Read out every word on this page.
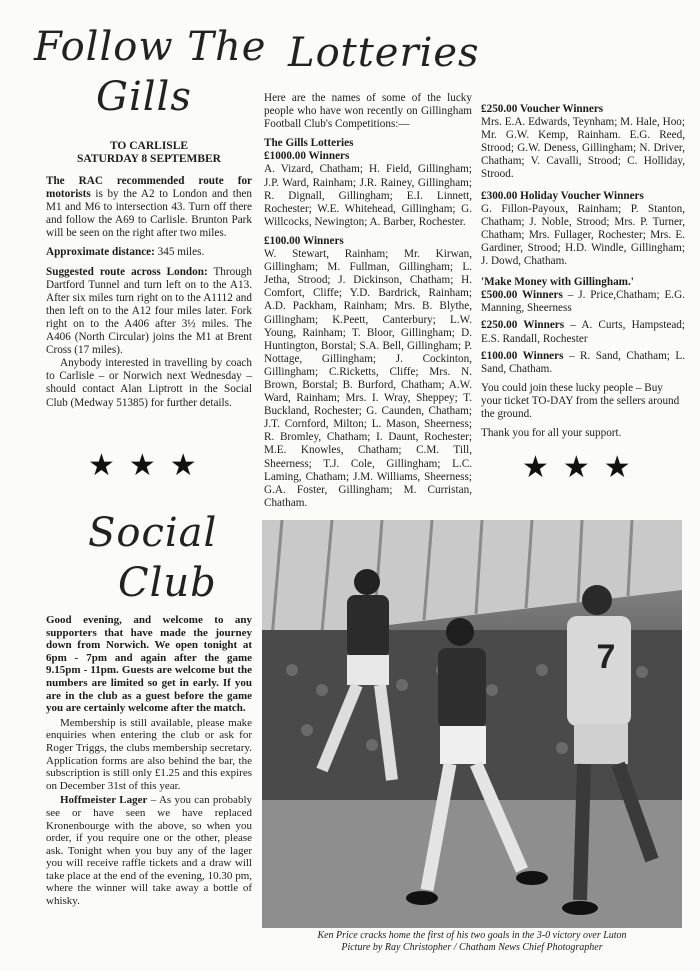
Follow The
Gills
TO CARLISLE
SATURDAY 8 SEPTEMBER

The RAC recommended route for motorists is by the A2 to London and then M1 and M6 to intersection 43. Turn off there and follow the A69 to Carlisle. Brunton Park will be seen on the right after two miles.

Approximate distance: 345 miles.

Suggested route across London: Through Dartford Tunnel and turn left on to the A13. After six miles turn right on to the A1112 and then left on to the A12 four miles later. Fork right on to the A406 after 3½ miles. The A406 (North Circular) joins the M1 at Brent Cross (17 miles).

Anybody interested in travelling by coach to Carlisle – or Norwich next Wednesday – should contact Alan Liptrott in the Social Club (Medway 51385) for further details.

★★★
Lotteries

Here are the names of some of the lucky people who have won recently on Gillingham Football Club's Competitions:—

The Gills Lotteries
£1000.00 Winners

A. Vizard, Chatham; H. Field, Gillingham; J.P. Ward, Rainham; J.R. Rainey, Gillingham; R. Dignall, Gillingham; E.I. Linnett, Rochester; W.E. Whitehead, Gillingham; G. Willcocks, Newington; A. Barber, Rochester.

£100.00 Winners

W. Stewart, Rainham; Mr. Kirwan, Gillingham; M. Fullman, Gillingham; L. Jetha, Strood; J. Dickinson, Chatham; H. Comfort, Cliffe; Y.D. Bardrick, Rainham; A.D. Packham, Rainham; Mrs. B. Blythe, Gillingham; K.Peett, Canterbury; L.W. Young, Rainham; T. Bloor, Gillingham; D. Huntington, Borstal; S.A. Bell, Gillingham; P. Nottage, Gillingham; J. Cockinton, Gillingham; C.Ricketts, Cliffe; Mrs. N. Brown, Borstal; B. Burford, Chatham; A.W. Ward, Rainham; Mrs. I. Wray, Sheppey; T. Buckland, Rochester; G. Caunden, Chatham; J.T. Cornford, Milton; L. Mason, Sheerness; R. Bromley, Chatham; I. Daunt, Rochester; M.E. Knowles, Chatham; C.M. Till, Sheerness; T.J. Cole, Gillingham; L.C. Laming, Chatham; J.M. Williams, Sheerness; G.A. Foster, Gillingham; M. Curristan, Chatham.

£250.00 Voucher Winners

Mrs. E.A. Edwards, Teynham; M. Hale, Hoo; Mr. G.W. Kemp, Rainham. E.G. Reed, Strood; G.W. Deness, Gillingham; N. Driver, Chatham; V. Cavalli, Strood; C. Holliday, Strood.

£300.00 Holiday Voucher Winners

G. Fillon-Payoux, Rainham; P. Stanton, Chatham; J. Noble, Strood; Mrs. P. Turner, Chatham; Mrs. Fullager, Rochester; Mrs. E. Gardiner, Strood; H.D. Windle, Gillingham; J. Dowd, Chatham.

'Make Money with Gillingham.'

£500.00 Winners – J. Price,Chatham; E.G. Manning, Sheerness

£250.00 Winners – A. Curts, Hampstead; E.S. Randall, Rochester

£100.00 Winners – R. Sand, Chatham; L. Sand, Chatham.

You could join these lucky people – Buy your ticket TO-DAY from the sellers around the ground.

Thank you for all your support.

★★★
Social
Club

Good evening, and welcome to any supporters that have made the journey down from Norwich. We open tonight at 6pm - 7pm and again after the game 9.15pm - 11pm. Guests are welcome but the numbers are limited so get in early. If you are in the club as a guest before the game you are certainly welcome after the match.

Membership is still available, please make enquiries when entering the club or ask for Roger Triggs, the clubs membership secretary. Application forms are also behind the bar, the subscription is still only £1.25 and this expires on December 31st of this year.

Hoffmeister Lager – As you can probably see or have seen we have replaced Kronenbourge with the above, so when you order, if you require one or the other, please ask. Tonight when you buy any of the lager you will receive raffle tickets and a draw will take place at the end of the evening, 10.30 pm, where the winner will take away a bottle of whisky.

7
Ken Price cracks home the first of his two goals in the 3-0 victory over Luton
Picture by Ray Christopher / Chatham News Chief Photographer
